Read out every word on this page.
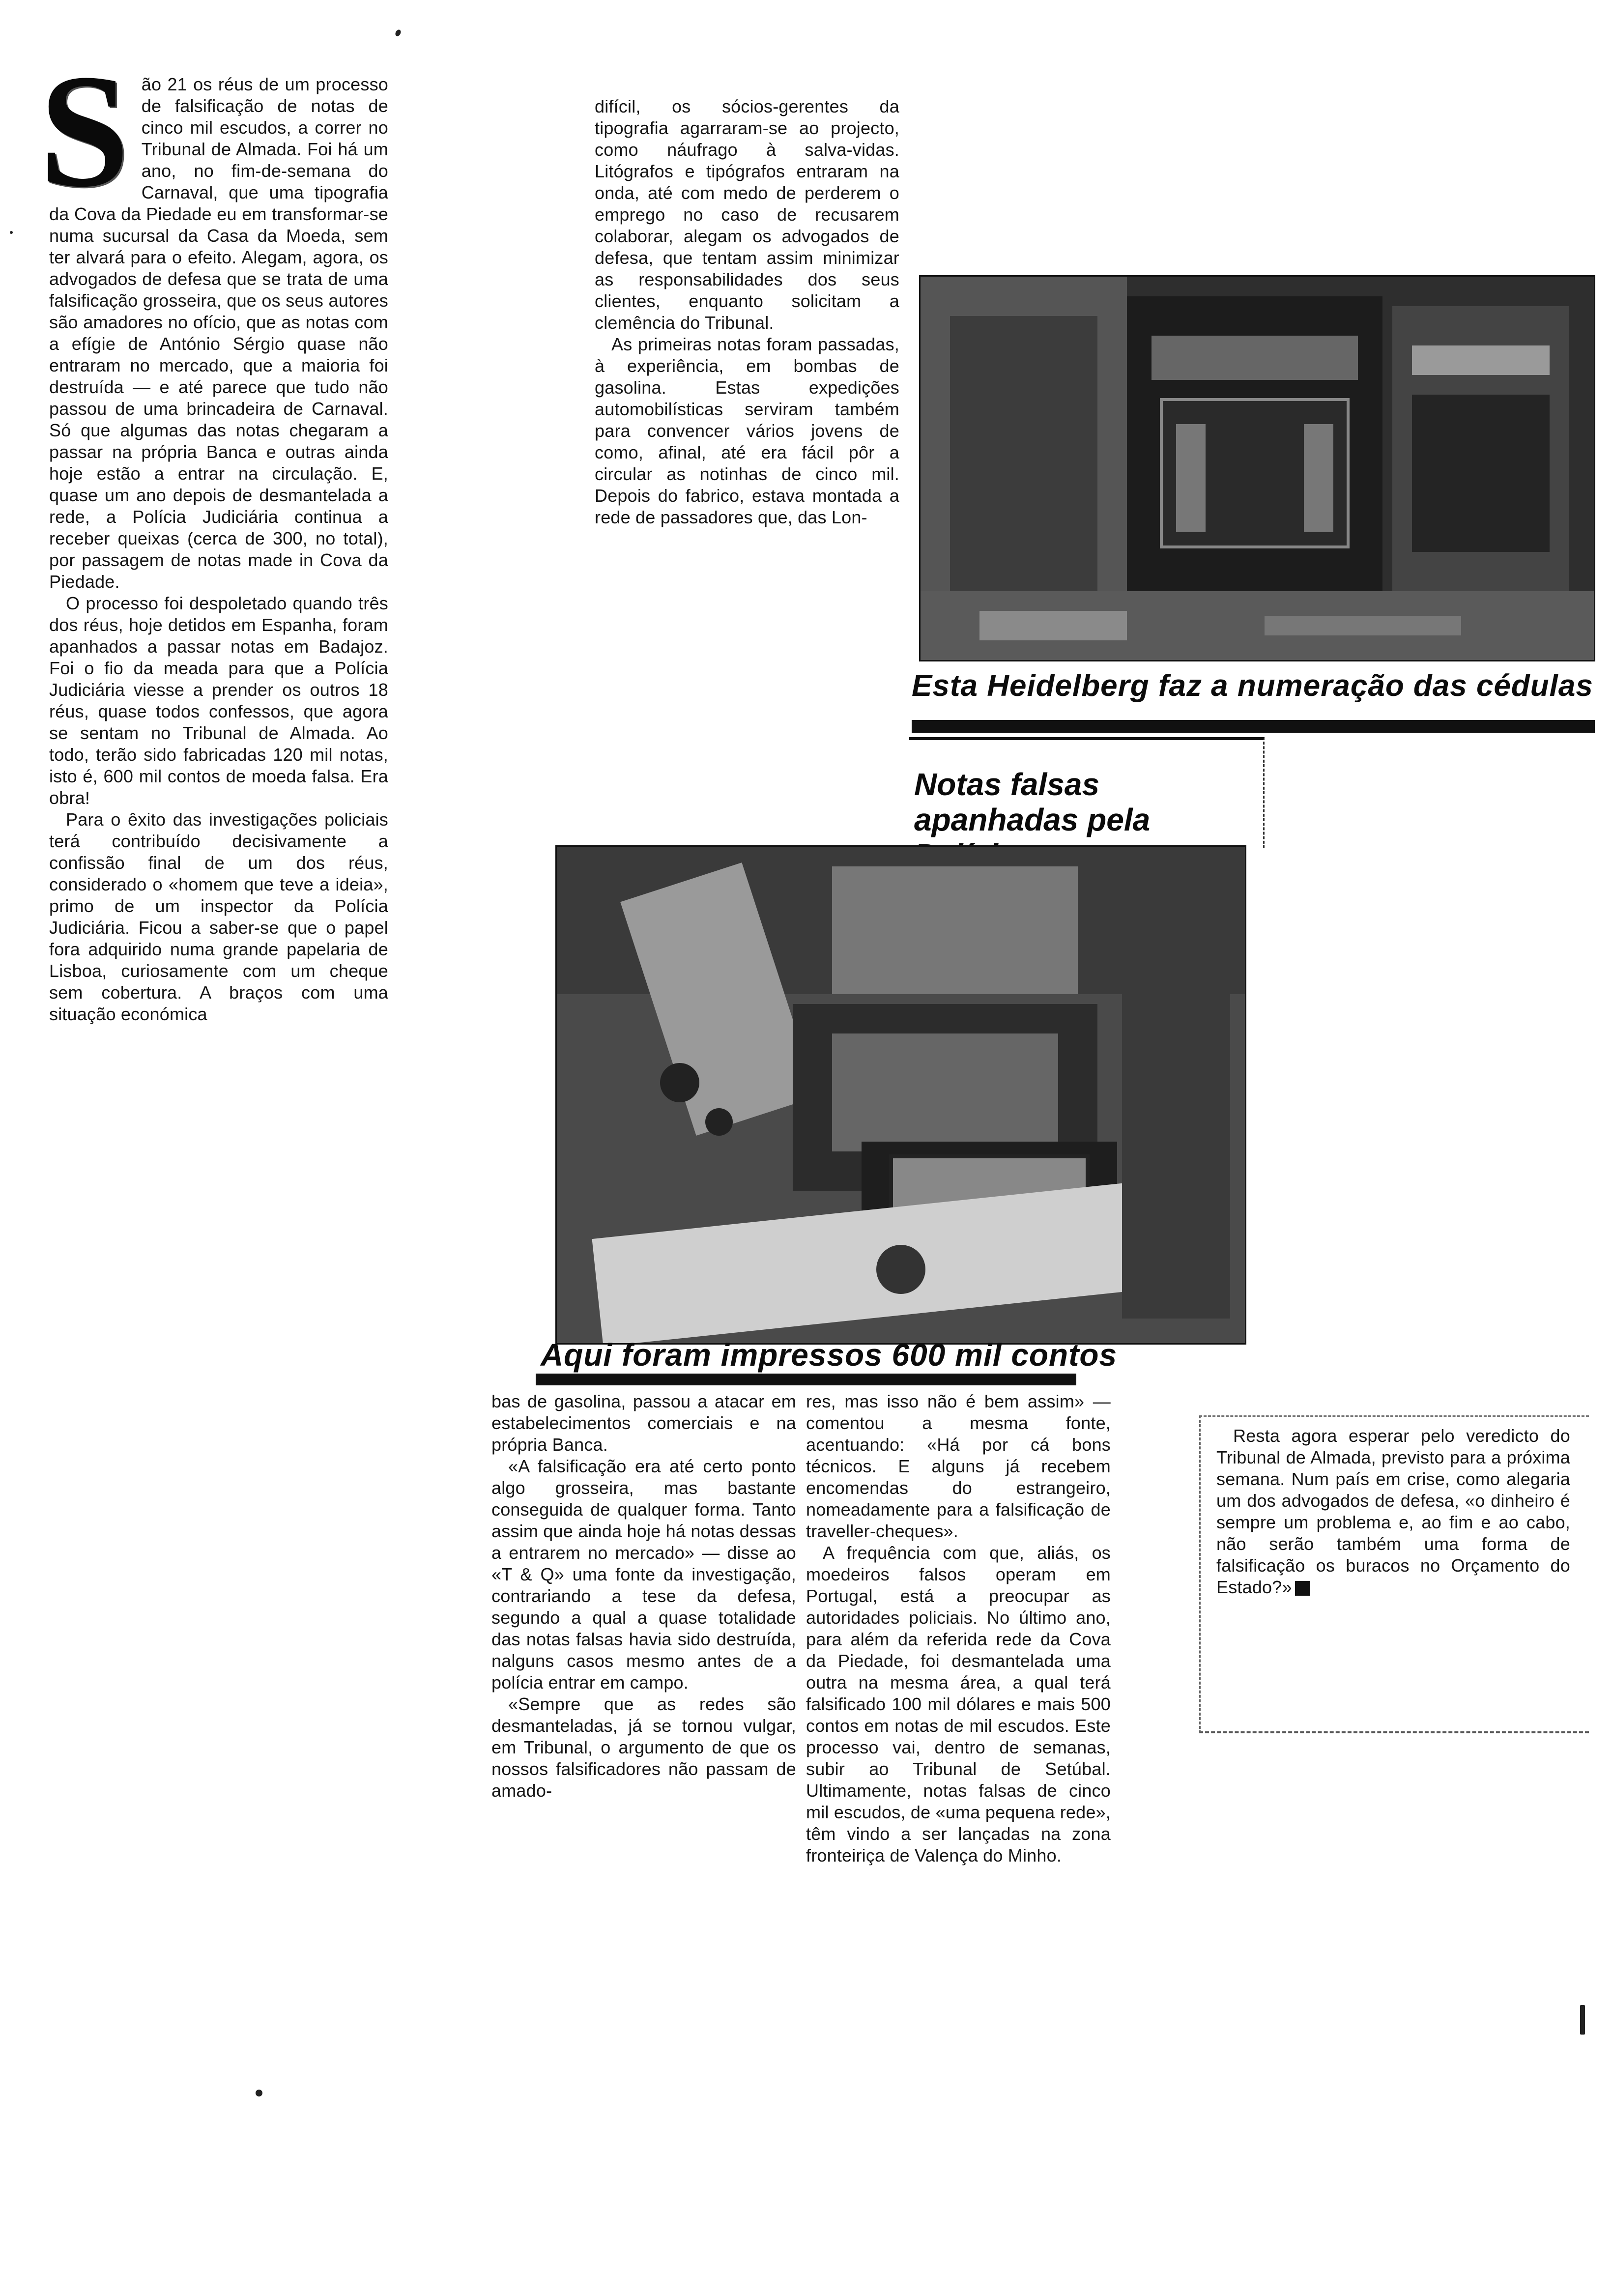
S ão 21 os réus de um processo de falsificação de notas de cinco mil escudos, a correr no Tribunal de Almada. Foi há um ano, no fim-de-semana do Carnaval, que uma tipografia da Cova da Piedade eu em transformar-se numa sucursal da Casa da Moeda, sem ter alvará para o efeito. Alegam, agora, os advogados de defesa que se trata de uma falsificação grosseira, que os seus autores são amadores no ofício, que as notas com a efígie de António Sérgio quase não entraram no mercado, que a maioria foi destruída — e até parece que tudo não passou de uma brincadeira de Carnaval. Só que algumas das notas chegaram a passar na própria Banca e outras ainda hoje estão a entrar na circulação. E, quase um ano depois de desmantelada a rede, a Polícia Judiciária continua a receber queixas (cerca de 300, no total), por passagem de notas made in Cova da Piedade.

O processo foi despoletado quando três dos réus, hoje detidos em Espanha, foram apanhados a passar notas em Badajoz. Foi o fio da meada para que a Polícia Judiciária viesse a prender os outros 18 réus, quase todos confessos, que agora se sentam no Tribunal de Almada. Ao todo, terão sido fabricadas 120 mil notas, isto é, 600 mil contos de moeda falsa. Era obra!

Para o êxito das investigações policiais terá contribuído decisivamente a confissão final de um dos réus, considerado o «homem que teve a ideia», primo de um inspector da Polícia Judiciária. Ficou a saber-se que o papel fora adquirido numa grande papelaria de Lisboa, curiosamente com um cheque sem cobertura. A braços com uma situação económica

difícil, os sócios-gerentes da tipografia agarraram-se ao projecto, como náufrago à salva-vidas. Litógrafos e tipógrafos entraram na onda, até com medo de perderem o emprego no caso de recusarem colaborar, alegam os advogados de defesa, que tentam assim minimizar as responsabilidades dos seus clientes, enquanto solicitam a clemência do Tribunal.

As primeiras notas foram passadas, à experiência, em bombas de gasolina. Estas expedições automobilísticas serviram também para convencer vários jovens de como, afinal, até era fácil pôr a circular as notinhas de cinco mil. Depois do fabrico, estava montada a rede de passadores que, das Lon-

Esta Heidelberg faz a numeração das cédulas
Notas falsas
apanhadas pela
Aqui foram impressos 600 mil contos

bas de gasolina, passou a atacar em estabelecimentos comerciais e na própria Banca.

«A falsificação era até certo ponto algo grosseira, mas bastante conseguida de qualquer forma. Tanto assim que ainda hoje há notas dessas a entrarem no mercado» — disse ao «T & Q» uma fonte da investigação, contrariando a tese da defesa, segundo a qual a quase totalidade das notas falsas havia sido destruída, nalguns casos mesmo antes de a polícia entrar em campo.

«Sempre que as redes são desmanteladas, já se tornou vulgar, em Tribunal, o argumento de que os nossos falsificadores não passam de amado-

res, mas isso não é bem assim» — comentou a mesma fonte, acentuando: «Há por cá bons técnicos. E alguns já recebem encomendas do estrangeiro, nomeadamente para a falsificação de traveller-cheques».

A frequência com que, aliás, os moedeiros falsos operam em Portugal, está a preocupar as autoridades policiais. No último ano, para além da referida rede da Cova da Piedade, foi desmantelada uma outra na mesma área, a qual terá falsificado 100 mil dólares e mais 500 contos em notas de mil escudos. Este processo vai, dentro de semanas, subir ao Tribunal de Setúbal. Ultimamente, notas falsas de cinco mil escudos, de «uma pequena rede», têm vindo a ser lançadas na zona fronteiriça de Valença do Minho.

Resta agora esperar pelo veredicto do Tribunal de Almada, previsto para a próxima semana. Num país em crise, como alegaria um dos advogados de defesa, «o dinheiro é sempre um problema e, ao fim e ao cabo, não serão também uma forma de falsificação os buracos no Orçamento do Estado?»
